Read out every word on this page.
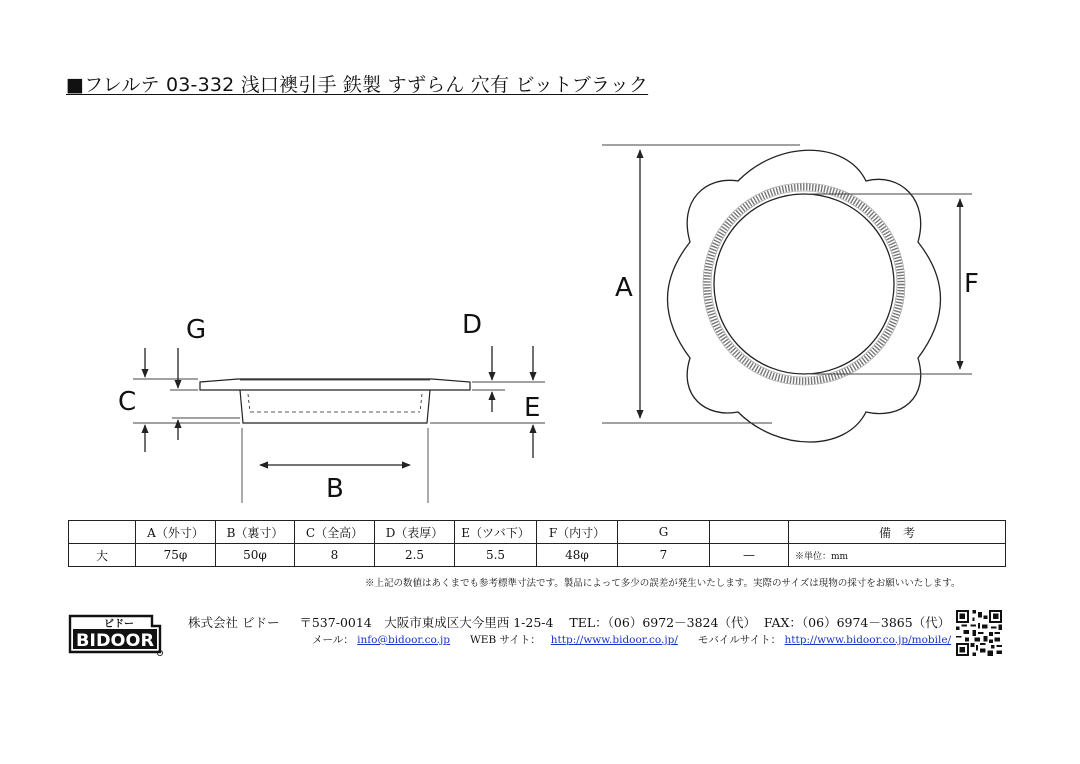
■フレルテ 03-332 浅口襖引手 鉄製 すずらん 穴有 ビットブラック
C
G	D
E
B
A	F
	A（外寸）	B（裏寸）	C（全高）	D（表厚）	E（ツバ下）	F（内寸）	G		備　考
大	75φ	50φ	8	2.5	5.5	48φ	7	—	※単位：mm
※上記の数値はあくまでも参考標準寸法です。製品によって多少の誤差が発生いたします。実際のサイズは現物の採寸をお願いいたします。
ビドー
BIDOOR
株式会社 ビドー 〒537-0014　大阪市東成区大今里西 1-25-4 TEL：（06）6972－3824（代） FAX：（06）6974－3865（代）
メール： info@bidoor.co.jp WEB サイト： http://www.bidoor.co.jp/ モバイルサイト： http://www.bidoor.co.jp/mobile/
